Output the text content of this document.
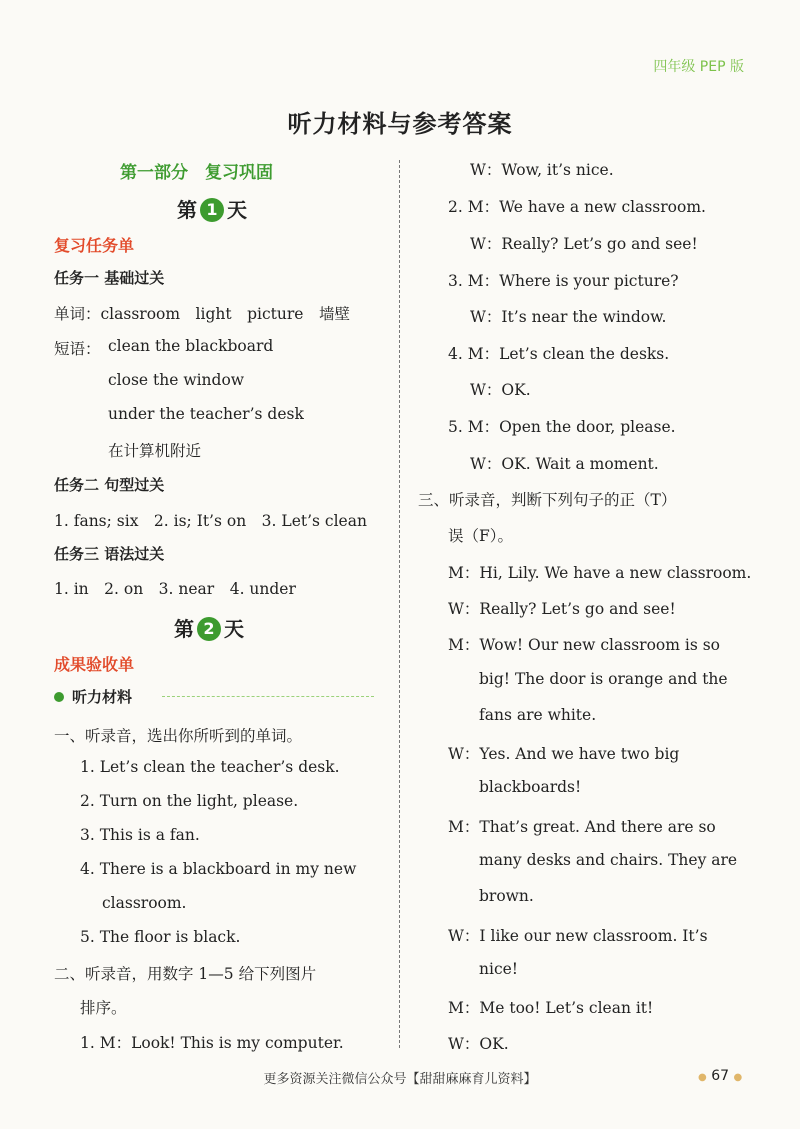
四年级 PEP 版
听力材料与参考答案
第一部分　复习巩固
第 1 天
复习任务单
任务一 基础过关
单词：classroom　light　picture　墙壁
短语： clean the blackboard
close the window
under the teacher’s desk
在计算机附近
任务二 句型过关
1. fans; six　2. is; It’s on　3. Let’s clean
任务三 语法过关
1. in　2. on　3. near　4. under
第 2 天
成果验收单
听力材料
一、听录音，选出你所听到的单词。
1. Let’s clean the teacher’s desk.
2. Turn on the light, please.
3. This is a fan.
4. There is a blackboard in my new
classroom.
5. The floor is black.
二、听录音，用数字 1—5 给下列图片
排序。
1. M：Look! This is my computer.
W：Wow, it’s nice.
2. M：We have a new classroom.
W：Really? Let’s go and see!
3. M：Where is your picture?
W：It’s near the window.
4. M：Let’s clean the desks.
W：OK.
5. M：Open the door, please.
W：OK. Wait a moment.
三、听录音，判断下列句子的正（T）
误（F）。
M：Hi, Lily. We have a new classroom.
W：Really? Let’s go and see!
M：Wow! Our new classroom is so
big! The door is orange and the
fans are white.
W：Yes. And we have two big
blackboards!
M：That’s great. And there are so
many desks and chairs. They are
brown.
W：I like our new classroom. It’s
nice!
M：Me too! Let’s clean it!
W：OK.
更多资源关注微信公众号【甜甜麻麻育儿资料】	● 67 ●
